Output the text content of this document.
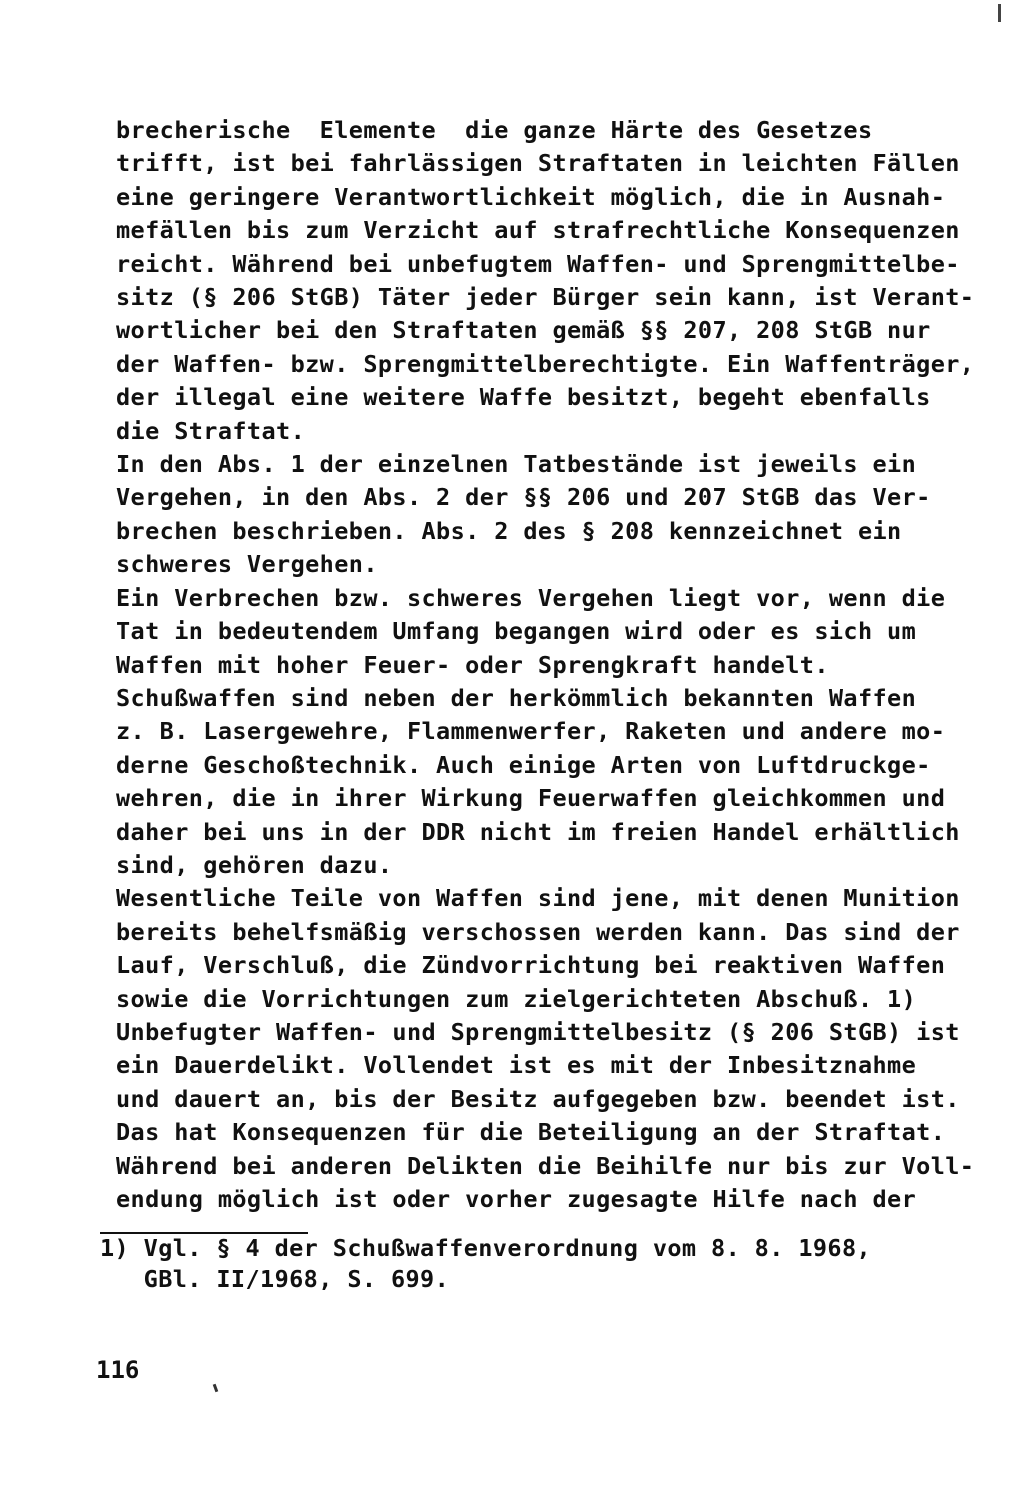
brecherische  Elemente  die ganze Härte des Gesetzes
trifft, ist bei fahrlässigen Straftaten in leichten Fällen
eine geringere Verantwortlichkeit möglich, die in Ausnah-
mefällen bis zum Verzicht auf strafrechtliche Konsequenzen
reicht. Während bei unbefugtem Waffen- und Sprengmittelbe-
sitz (§ 206 StGB) Täter jeder Bürger sein kann, ist Verant-
wortlicher bei den Straftaten gemäß §§ 207, 208 StGB nur
der Waffen- bzw. Sprengmittelberechtigte. Ein Waffenträger,
der illegal eine weitere Waffe besitzt, begeht ebenfalls
die Straftat.
In den Abs. 1 der einzelnen Tatbestände ist jeweils ein
Vergehen, in den Abs. 2 der §§ 206 und 207 StGB das Ver-
brechen beschrieben. Abs. 2 des § 208 kennzeichnet ein
schweres Vergehen.
Ein Verbrechen bzw. schweres Vergehen liegt vor, wenn die
Tat in bedeutendem Umfang begangen wird oder es sich um
Waffen mit hoher Feuer- oder Sprengkraft handelt.
Schußwaffen sind neben der herkömmlich bekannten Waffen
z. B. Lasergewehre, Flammenwerfer, Raketen und andere mo-
derne Geschoßtechnik. Auch einige Arten von Luftdruckge-
wehren, die in ihrer Wirkung Feuerwaffen gleichkommen und
daher bei uns in der DDR nicht im freien Handel erhältlich
sind, gehören dazu.
Wesentliche Teile von Waffen sind jene, mit denen Munition
bereits behelfsmäßig verschossen werden kann. Das sind der
Lauf, Verschluß, die Zündvorrichtung bei reaktiven Waffen
sowie die Vorrichtungen zum zielgerichteten Abschuß. 1)
Unbefugter Waffen- und Sprengmittelbesitz (§ 206 StGB) ist
ein Dauerdelikt. Vollendet ist es mit der Inbesitznahme
und dauert an, bis der Besitz aufgegeben bzw. beendet ist.
Das hat Konsequenzen für die Beteiligung an der Straftat.
Während bei anderen Delikten die Beihilfe nur bis zur Voll-
endung möglich ist oder vorher zugesagte Hilfe nach der
1) Vgl. § 4 der Schußwaffenverordnung vom 8. 8. 1968,
GBl. II/1968, S. 699.
116
